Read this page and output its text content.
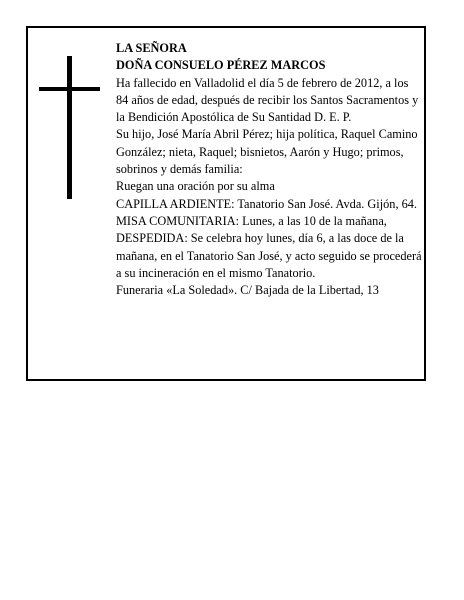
LA SEÑORA

DOÑA CONSUELO PÉREZ MARCOS

Ha fallecido en Valladolid el día 5 de febrero de 2012, a los 84 años de edad, después de recibir los Santos Sacramentos y la Bendición Apostólica de Su Santidad D. E. P.

Su hijo, José María Abril Pérez; hija política, Raquel Camino González; nieta, Raquel; bisnietos, Aarón y Hugo; primos, sobrinos y demás familia:

Ruegan una oración por su alma

CAPILLA ARDIENTE: Tanatorio San José. Avda. Gijón, 64.

MISA COMUNITARIA: Lunes, a las 10 de la mañana,

DESPEDIDA: Se celebra hoy lunes, día 6, a las doce de la mañana, en el Tanatorio San José, y acto seguido se procederá a su incineración en el mismo Tanatorio.

Funeraria «La Soledad». C/ Bajada de la Libertad, 13
